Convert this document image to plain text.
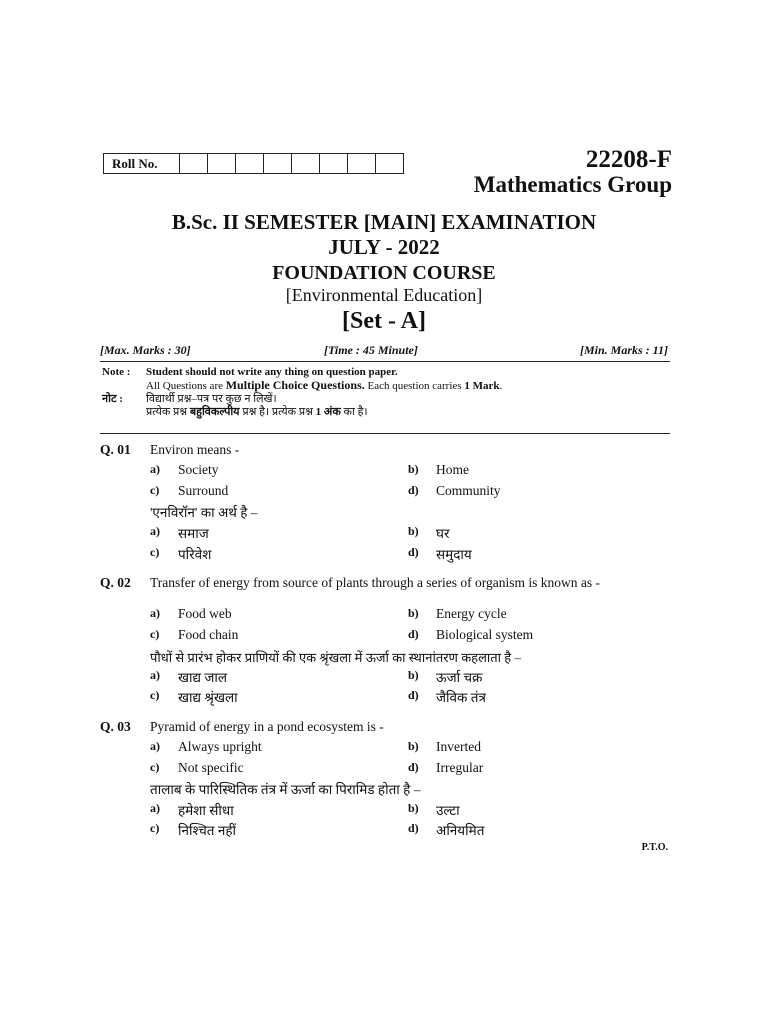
Roll No.	22208-F
Mathematics Group
B.Sc. II SEMESTER [MAIN] EXAMINATION
JULY - 2022
FOUNDATION COURSE
[Environmental Education]
[Set - A]
[Max. Marks : 30]	[Time : 45 Minute]	[Min. Marks : 11]
Note : Student should not write any thing on question paper.
All Questions are Multiple Choice Questions. Each question carries 1 Mark.
नोट : विद्यार्थी प्रश्न–पत्र पर कुछ न लिखें।
प्रत्येक प्रश्न बहुविकल्पीय प्रश्न है। प्रत्येक प्रश्न 1 अंक का है।
Q. 01 Environ means -
a) Society	b) Home
c) Surround	d) Community
'एनविरॉन' का अर्थ है –
a) समाज	b) घर
c) परिवेश	d) समुदाय
Q. 02 Transfer of energy from source of plants through a series of organism is known as -
a) Food web	b) Energy cycle
c) Food chain	d) Biological system
पौधों से प्रारंभ होकर प्राणियों की एक श्रृंखला में ऊर्जा का स्थानांतरण कहलाता है –
a) खाद्य जाल	b) ऊर्जा चक्र
c) खाद्य श्रृंखला	d) जैविक तंत्र
Q. 03 Pyramid of energy in a pond ecosystem is -
a) Always upright	b) Inverted
c) Not specific	d) Irregular
तालाब के पारिस्थितिक तंत्र में ऊर्जा का पिरामिड होता है –
a) हमेशा सीधा	b) उल्टा
c) निश्चित नहीं	d) अनियमित
P.T.O.
